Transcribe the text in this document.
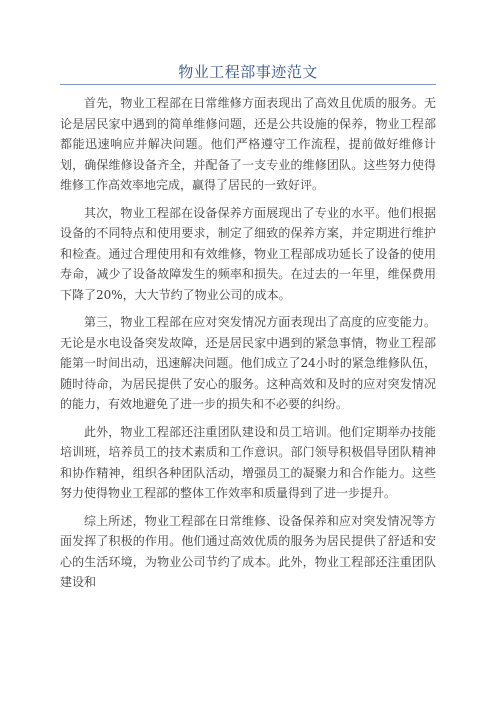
物业工程部事迹范文

首先，物业工程部在日常维修方面表现出了高效且优质的服务。无论是居民家中遇到的简单维修问题，还是公共设施的保养，物业工程部都能迅速响应并解决问题。他们严格遵守工作流程，提前做好维修计划，确保维修设备齐全，并配备了一支专业的维修团队。这些努力使得维修工作高效率地完成，赢得了居民的一致好评。

其次，物业工程部在设备保养方面展现出了专业的水平。他们根据设备的不同特点和使用要求，制定了细致的保养方案，并定期进行维护和检查。通过合理使用和有效维修，物业工程部成功延长了设备的使用寿命，减少了设备故障发生的频率和损失。在过去的一年里，维保费用下降了20%，大大节约了物业公司的成本。

第三，物业工程部在应对突发情况方面表现出了高度的应变能力。无论是水电设备突发故障，还是居民家中遇到的紧急事情，物业工程部能第一时间出动，迅速解决问题。他们成立了24小时的紧急维修队伍，随时待命，为居民提供了安心的服务。这种高效和及时的应对突发情况的能力，有效地避免了进一步的损失和不必要的纠纷。

此外，物业工程部还注重团队建设和员工培训。他们定期举办技能培训班，培养员工的技术素质和工作意识。部门领导积极倡导团队精神和协作精神，组织各种团队活动，增强员工的凝聚力和合作能力。这些努力使得物业工程部的整体工作效率和质量得到了进一步提升。

综上所述，物业工程部在日常维修、设备保养和应对突发情况等方面发挥了积极的作用。他们通过高效优质的服务为居民提供了舒适和安心的生活环境，为物业公司节约了成本。此外，物业工程部还注重团队建设和
